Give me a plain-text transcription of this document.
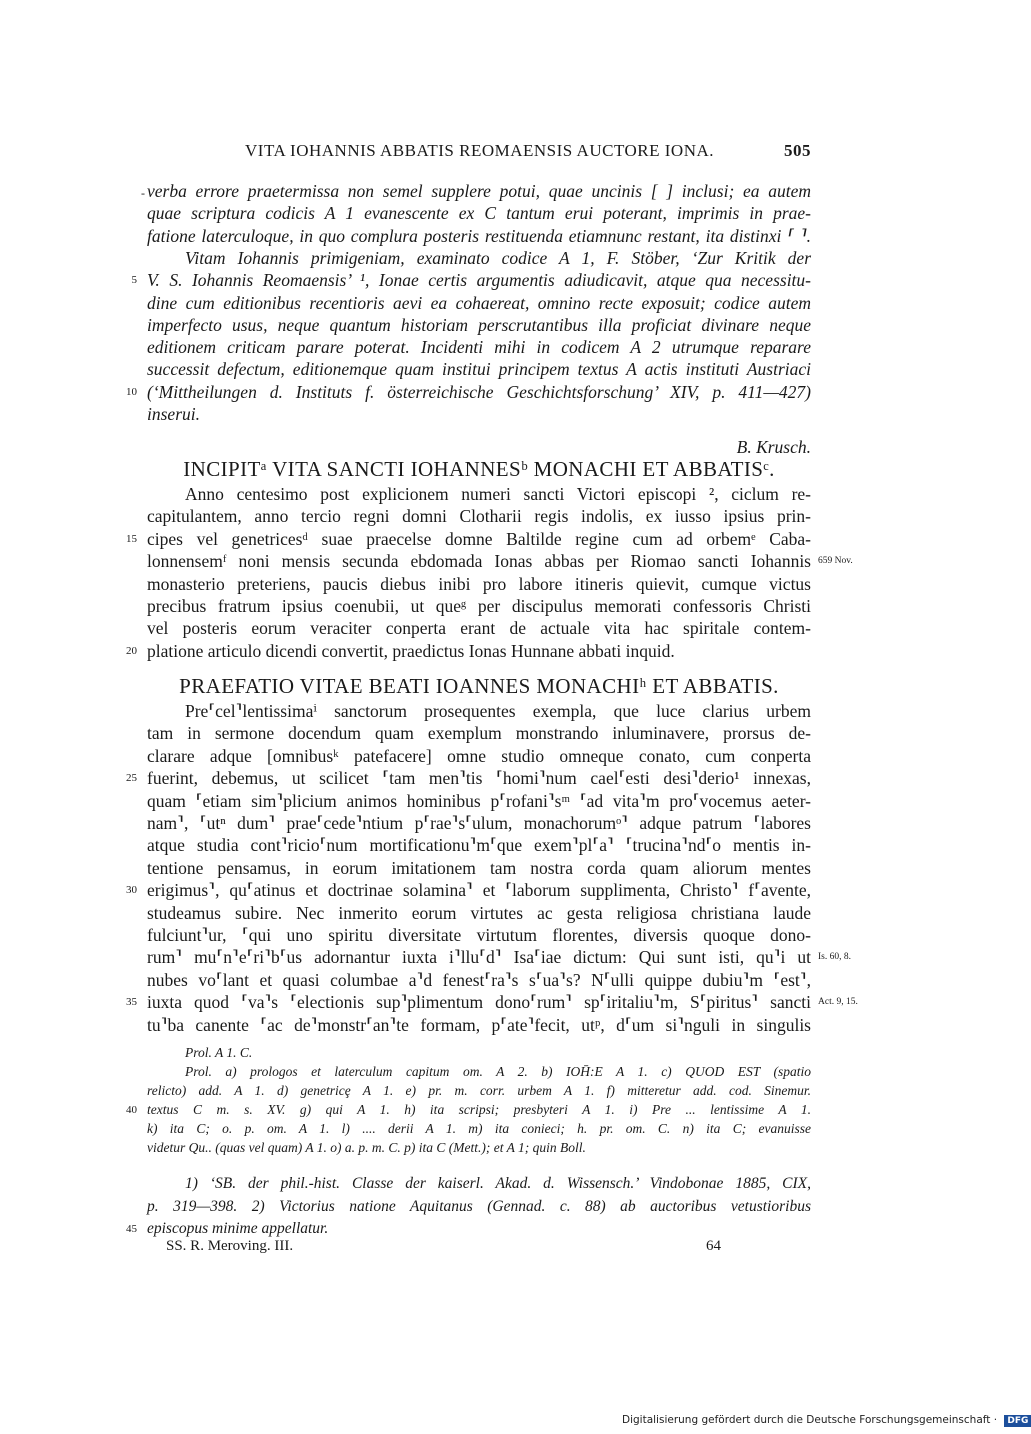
VITA IOHANNIS ABBATIS REOMAENSIS AUCTORE IONA.	505
- verba errore praetermissa non semel supplere potui, quae uncinis [ ] inclusi; ea autem
quae scriptura codicis A 1 evanescente ex C tantum erui poterant, imprimis in prae-
fatione laterculoque, in quo complura posteris restituenda etiamnunc restant, ita distinxi ⸢ ⸣.
Vitam Iohannis primigeniam, examinato codice A 1, F. Stöber, ‘Zur Kritik der
V. S. Iohannis Reomaensis’ ¹, Ionae certis argumentis adiudicavit, atque qua necessitu-
5
dine cum editionibus recentioris aevi ea cohaereat, omnino recte exposuit; codice autem
imperfecto usus, neque quantum historiam perscrutantibus illa proficiat divinare neque
editionem criticam parare poterat. Incidenti mihi in codicem A 2 utrumque reparare
successit defectum, editionemque quam institui principem textus A actis instituti Austriaci
(‘Mittheilungen d. Instituts f. österreichische Geschichtsforschung’ XIV, p. 411—427)
10
inserui.
B. Krusch.
INCIPITᵃ VITA SANCTI IOHANNESᵇ MONACHI ET ABBATISᶜ.
Anno centesimo post explicionem numeri sancti Victori episcopi ², ciclum re-
capitulantem, anno tercio regni domni Clotharii regis indolis, ex iusso ipsius prin-
cipes vel genetricesᵈ suae praecelse domne Baltilde regine cum ad orbemᵉ Caba-
15
lonnensemᶠ noni mensis secunda ebdomada Ionas abbas per Riomao sancti Iohannis 659 Nov.
monasterio preteriens, paucis diebus inibi pro labore itineris quievit, cumque victus
precibus fratrum ipsius coenubii, ut queᵍ per discipulus memorati confessoris Christi
vel posteris eorum veraciter conperta erant de actuale vita hac spiritale contem-
platione articulo dicendi convertit, praedictus Ionas Hunnane abbati inquid.
20
PRAEFATIO VITAE BEATI IOANNES MONACHIʰ ET ABBATIS.
Pre⸢cel⸣lentissimaⁱ sanctorum prosequentes exempla, que luce clarius urbem
tam in sermone docendum quam exemplum monstrando inluminavere, prorsus de-
clarare adque [omnibusᵏ patefacere] omne studio omneque conato, cum conperta
fuerint, debemus, ut scilicet ⸢tam men⸣tis ⸢homi⸣num cael⸢esti desi⸣derio¹ innexas,
25
quam ⸢etiam sim⸣plicium animos hominibus p⸢rofani⸣sᵐ ⸢ad vita⸣m pro⸢vocemus aeter-
nam⸣, ⸢utⁿ dum⸣ prae⸢cede⸣ntium p⸢rae⸣s⸢ulum, monachorumᵒ⸣ adque patrum ⸢labores
atque studia cont⸣ricio⸢num mortificationu⸣m⸢que exem⸣pl⸢a⸣ ⸢trucina⸣nd⸢o mentis in-
tentione pensamus, in eorum imitationem tam nostra corda quam aliorum mentes
erigimus⸣, qu⸢atinus et doctrinae solamina⸣ et ⸢laborum supplimenta, Christo⸣ f⸢avente,
30
studeamus subire. Nec inmerito eorum virtutes ac gesta religiosa christiana laude
fulciunt⸣ur, ⸢qui uno spiritu diversitate virtutum florentes, diversis quoque dono-
rum⸣ mu⸢n⸣e⸢ri⸣b⸢us adornantur iuxta i⸣llu⸢d⸣ Isa⸢iae dictum: Qui sunt isti, qu⸣i ut Is. 60, 8.
nubes vo⸢lant et quasi columbae a⸣d fenest⸢ra⸣s s⸢ua⸣s? N⸢ulli quippe dubiu⸣m ⸢est⸣,
iuxta quod ⸢va⸣s ⸢electionis sup⸣plimentum dono⸢rum⸣ sp⸢iritaliu⸣m, S⸢piritus⸣ sancti
35	Act. 9, 15.
tu⸣ba canente ⸢ac de⸣monstr⸢an⸣te formam, p⸢ate⸣fecit, utᵖ, d⸢um si⸣nguli in singulis
Prol. A 1. C.
Prol. a) prologos et laterculum capitum om. A 2. b) IOH̄:E A 1. c) QUOD EST (spatio
relicto) add. A 1. d) genetricȩ A 1. e) pr. m. corr. urbem A 1. f) mitteretur add. cod. Sinemur.
textus C m. s. XV. g) qui A 1. h) ita scripsi; presbyteri A 1. i) Pre ... lentissime A 1.
40
k) ita C; o. p. om. A 1. l) .... derii A 1. m) ita conieci; h. pr. om. C. n) ita C; evanuisse
videtur Qu.. (quas vel quam) A 1. o) a. p. m. C. p) ita C (Mett.); et A 1; quin Boll.
1) ‘SB. der phil.-hist. Classe der kaiserl. Akad. d. Wissensch.’ Vindobonae 1885, CIX,
p. 319—398. 2) Victorius natione Aquitanus (Gennad. c. 88) ab auctoribus vetustioribus
episcopus minime appellatur.
45
SS. R. Meroving. III.	64
Digitalisierung gefördert durch die Deutsche Forschungsgemeinschaft · DFG
